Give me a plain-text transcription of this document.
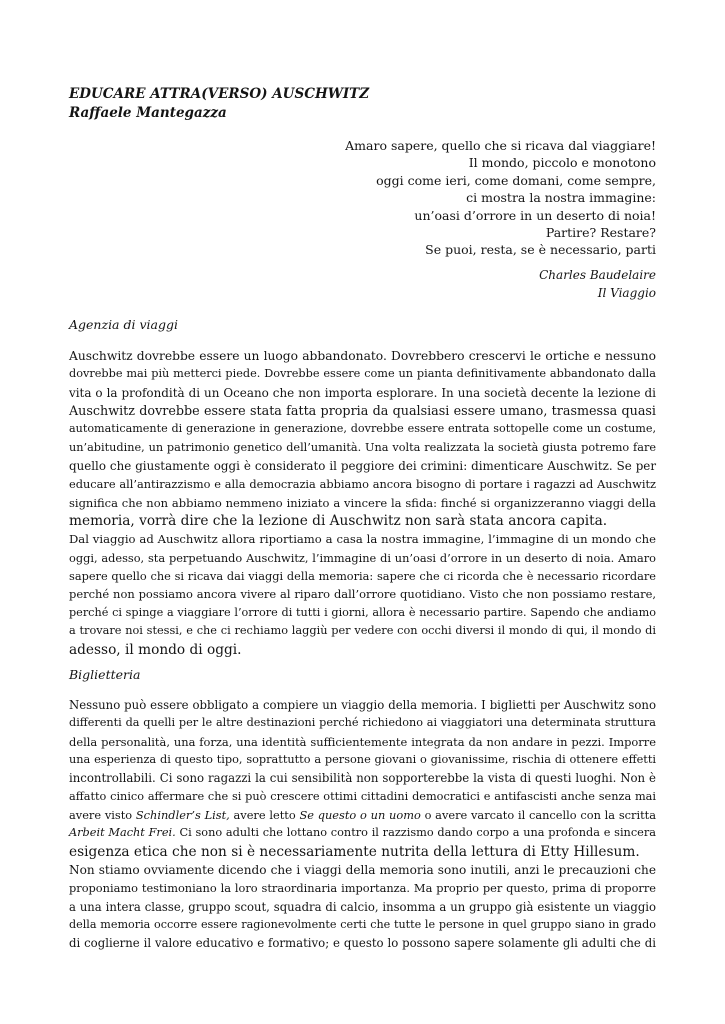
EDUCARE ATTRA(VERSO) AUSCHWITZ
Raffaele Mantegazza
Amaro sapere, quello che si ricava dal viaggiare!
Il mondo, piccolo e monotono
oggi come ieri, come domani, come sempre,
ci mostra la nostra immagine:
un’oasi d’orrore in un deserto di noia!
Partire? Restare?
Se puoi, resta, se è necessario, parti
Charles Baudelaire
Il Viaggio
Agenzia di viaggi
Auschwitz dovrebbe essere un luogo abbandonato. Dovrebbero crescervi le ortiche e nessuno
dovrebbe mai più metterci piede. Dovrebbe essere come un pianta definitivamente abbandonato dalla
vita o la profondità di un Oceano che non importa esplorare. In una società decente la lezione di
Auschwitz dovrebbe essere stata fatta propria da qualsiasi essere umano, trasmessa quasi
automaticamente di generazione in generazione, dovrebbe essere entrata sottopelle come un costume,
un’abitudine, un patrimonio genetico dell’umanità. Una volta realizzata la società giusta potremo fare
quello che giustamente oggi è considerato il peggiore dei crimini: dimenticare Auschwitz. Se per
educare all’antirazzismo e alla democrazia abbiamo ancora bisogno di portare i ragazzi ad Auschwitz
significa che non abbiamo nemmeno iniziato a vincere la sfida: finché si organizzeranno viaggi della
memoria, vorrà dire che la lezione di Auschwitz non sarà stata ancora capita.
Dal viaggio ad Auschwitz allora riportiamo a casa la nostra immagine, l’immagine di un mondo che
oggi, adesso, sta perpetuando Auschwitz, l’immagine di un’oasi d’orrore in un deserto di noia. Amaro
sapere quello che si ricava dai viaggi della memoria: sapere che ci ricorda che è necessario ricordare
perché non possiamo ancora vivere al riparo dall’orrore quotidiano. Visto che non possiamo restare,
perché ci spinge a viaggiare l’orrore di tutti i giorni, allora è necessario partire. Sapendo che andiamo
a trovare noi stessi, e che ci rechiamo laggiù per vedere con occhi diversi il mondo di qui, il mondo di
adesso, il mondo di oggi.
Biglietteria
Nessuno può essere obbligato a compiere un viaggio della memoria. I biglietti per Auschwitz sono
differenti da quelli per le altre destinazioni perché richiedono ai viaggiatori una determinata struttura
della personalità, una forza, una identità sufficientemente integrata da non andare in pezzi. Imporre
una esperienza di questo tipo, soprattutto a persone giovani o giovanissime, rischia di ottenere effetti
incontrollabili. Ci sono ragazzi la cui sensibilità non sopporterebbe la vista di questi luoghi. Non è
affatto cinico affermare che si può crescere ottimi cittadini democratici e antifascisti anche senza mai
avere visto Schindler’s List, avere letto Se questo o un uomo o avere varcato il cancello con la scritta
Arbeit Macht Frei. Ci sono adulti che lottano contro il razzismo dando corpo a una profonda e sincera
esigenza etica che non si è necessariamente nutrita della lettura di Etty Hillesum.
Non stiamo ovviamente dicendo che i viaggi della memoria sono inutili, anzi le precauzioni che
proponiamo testimoniano la loro straordinaria importanza. Ma proprio per questo, prima di proporre
a una intera classe, gruppo scout, squadra di calcio, insomma a un gruppo già esistente un viaggio
della memoria occorre essere ragionevolmente certi che tutte le persone in quel gruppo siano in grado
di coglierne il valore educativo e formativo; e questo lo possono sapere solamente gli adulti che di
